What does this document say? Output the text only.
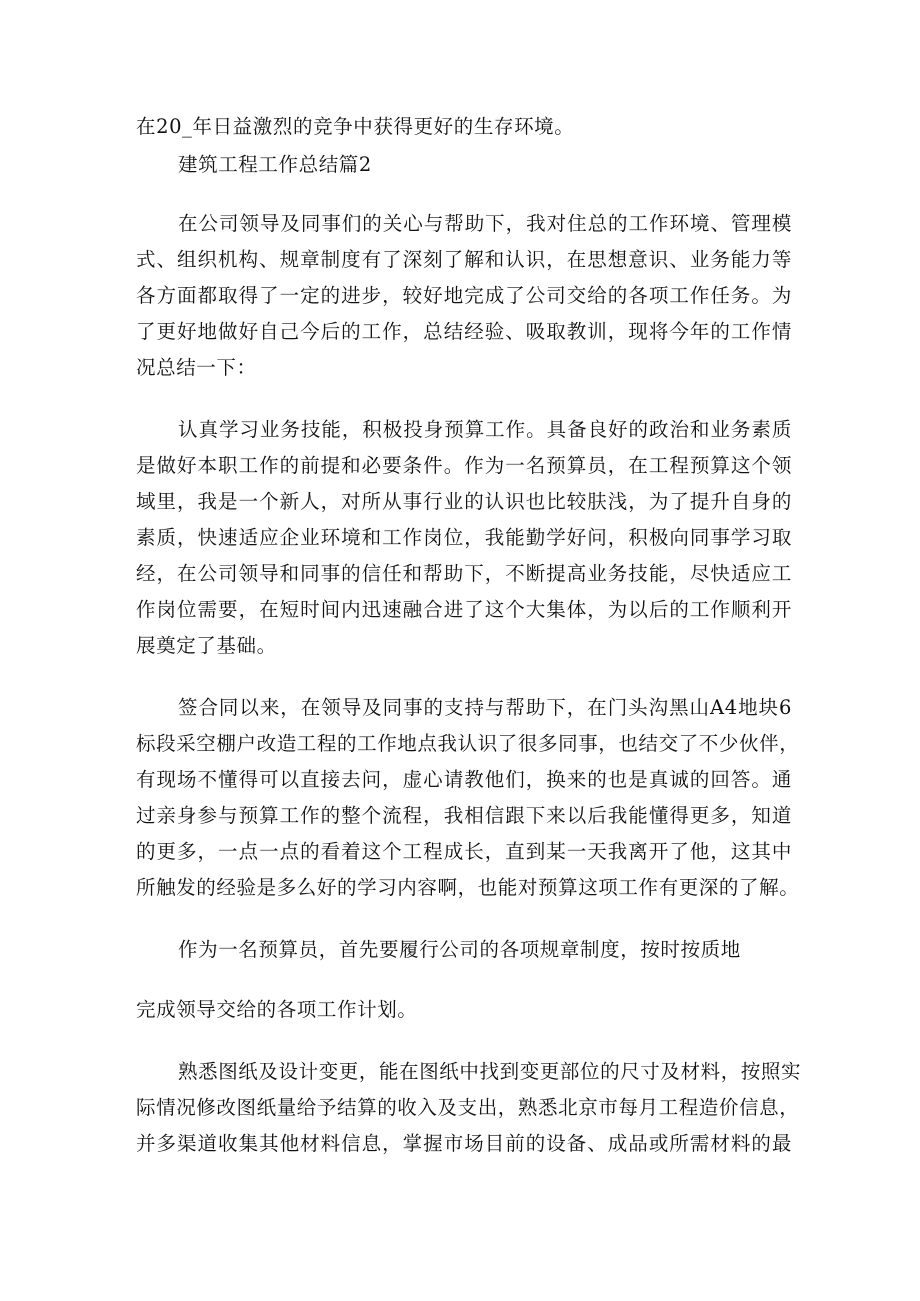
在20_年日益激烈的竞争中获得更好的生存环境。
建筑工程工作总结篇2
在公司领导及同事们的关心与帮助下，我对住总的工作环境、管理模
式、组织机构、规章制度有了深刻了解和认识，在思想意识、业务能力等
各方面都取得了一定的进步，较好地完成了公司交给的各项工作任务。为
了更好地做好自己今后的工作，总结经验、吸取教训，现将今年的工作情
况总结一下：
认真学习业务技能，积极投身预算工作。具备良好的政治和业务素质
是做好本职工作的前提和必要条件。作为一名预算员，在工程预算这个领
域里，我是一个新人，对所从事行业的认识也比较肤浅，为了提升自身的
素质，快速适应企业环境和工作岗位，我能勤学好问，积极向同事学习取
经，在公司领导和同事的信任和帮助下，不断提高业务技能，尽快适应工
作岗位需要，在短时间内迅速融合进了这个大集体，为以后的工作顺利开
展奠定了基础。
签合同以来，在领导及同事的支持与帮助下，在门头沟黑山A4地块6
标段采空棚户改造工程的工作地点我认识了很多同事，也结交了不少伙伴，
有现场不懂得可以直接去问，虚心请教他们，换来的也是真诚的回答。通
过亲身参与预算工作的整个流程，我相信跟下来以后我能懂得更多，知道
的更多，一点一点的看着这个工程成长，直到某一天我离开了他，这其中
所触发的经验是多么好的学习内容啊，也能对预算这项工作有更深的了解。
作为一名预算员，首先要履行公司的各项规章制度，按时按质地
完成领导交给的各项工作计划。
熟悉图纸及设计变更，能在图纸中找到变更部位的尺寸及材料，按照实
际情况修改图纸量给予结算的收入及支出，熟悉北京市每月工程造价信息，
并多渠道收集其他材料信息，掌握市场目前的设备、成品或所需材料的最
